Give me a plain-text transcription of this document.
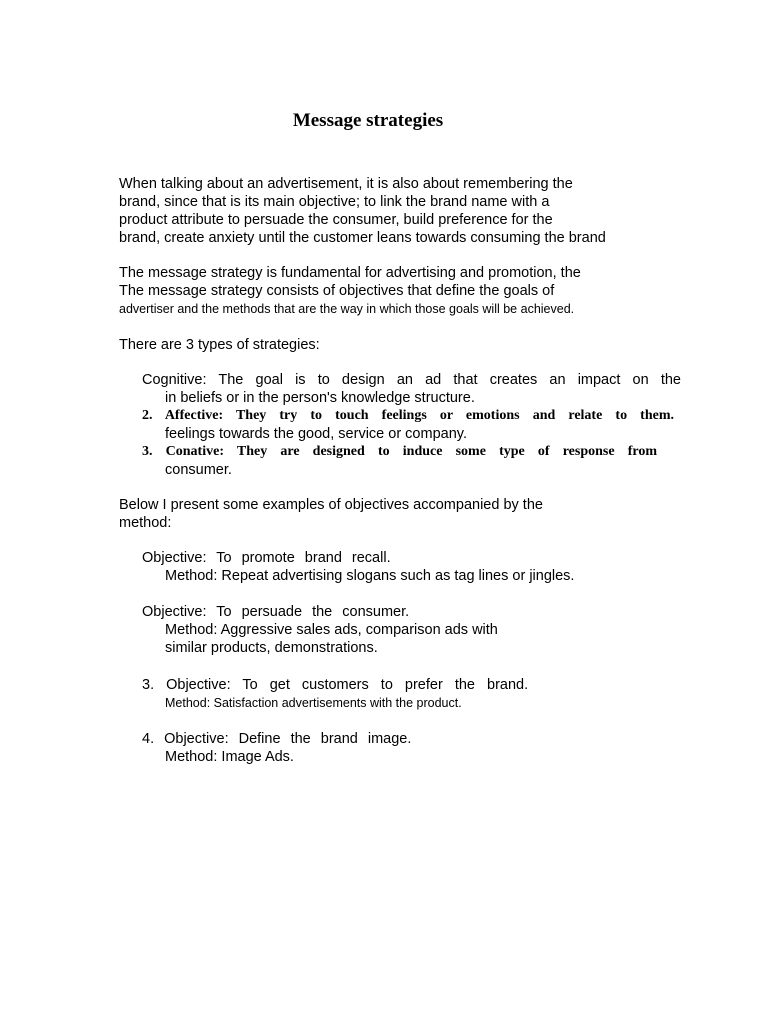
Message strategies
When talking about an advertisement, it is also about remembering the
brand, since that is its main objective; to link the brand name with a
product attribute to persuade the consumer, build preference for the
brand, create anxiety until the customer leans towards consuming the brand
The message strategy is fundamental for advertising and promotion, the
The message strategy consists of objectives that define the goals of
advertiser and the methods that are the way in which those goals will be achieved.
There are 3 types of strategies:
Cognitive: The goal is to design an ad that creates an impact on the
in beliefs or in the person's knowledge structure.
2. Affective: They try to touch feelings or emotions and relate to them.
feelings towards the good, service or company.
3. Conative: They are designed to induce some type of response from
consumer.
Below I present some examples of objectives accompanied by the
method:
Objective: To promote brand recall.
Method: Repeat advertising slogans such as tag lines or jingles.
Objective: To persuade the consumer.
Method: Aggressive sales ads, comparison ads with
similar products, demonstrations.
3. Objective: To get customers to prefer the brand.
Method: Satisfaction advertisements with the product.
4. Objective: Define the brand image.
Method: Image Ads.
